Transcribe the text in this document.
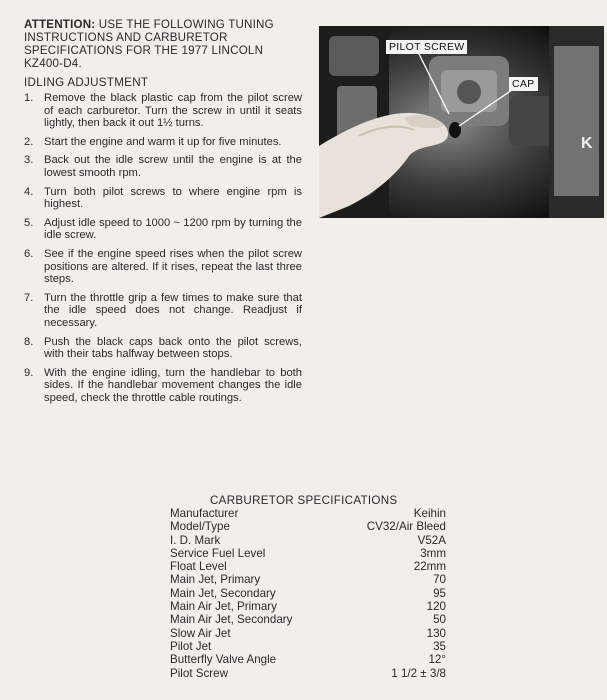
ATTENTION: USE THE FOLLOWING TUNING INSTRUCTIONS AND CARBURETOR SPECIFICATIONS FOR THE 1977 LINCOLN KZ400-D4.
IDLING ADJUSTMENT
1. Remove the black plastic cap from the pilot screw of each carburetor. Turn the screw in until it seats lightly, then back it out 1½ turns.
2. Start the engine and warm it up for five minutes.
3. Back out the idle screw until the engine is at the lowest smooth rpm.
4. Turn both pilot screws to where engine rpm is highest.
5. Adjust idle speed to 1000 ~ 1200 rpm by turning the idle screw.
6. See if the engine speed rises when the pilot screw positions are altered. If it rises, repeat the last three steps.
7. Turn the throttle grip a few times to make sure that the idle speed does not change. Readjust if necessary.
8. Push the black caps back onto the pilot screws, with their tabs halfway between stops.
9. With the engine idling, turn the handlebar to both sides. If the handlebar movement changes the idle speed, check the throttle cable routings.
K
PILOT SCREW
CAP
CARBURETOR SPECIFICATIONS
Manufacturer	Keihin
Model/Type	CV32/Air Bleed
I. D. Mark	V52A
Service Fuel Level	3mm
Float Level	22mm
Main Jet, Primary	70
Main Jet, Secondary	95
Main Air Jet, Primary	120
Main Air Jet, Secondary	50
Slow Air Jet	130
Pilot Jet	35
Butterfly Valve Angle	12°
Pilot Screw	1 1/2 ± 3/8
